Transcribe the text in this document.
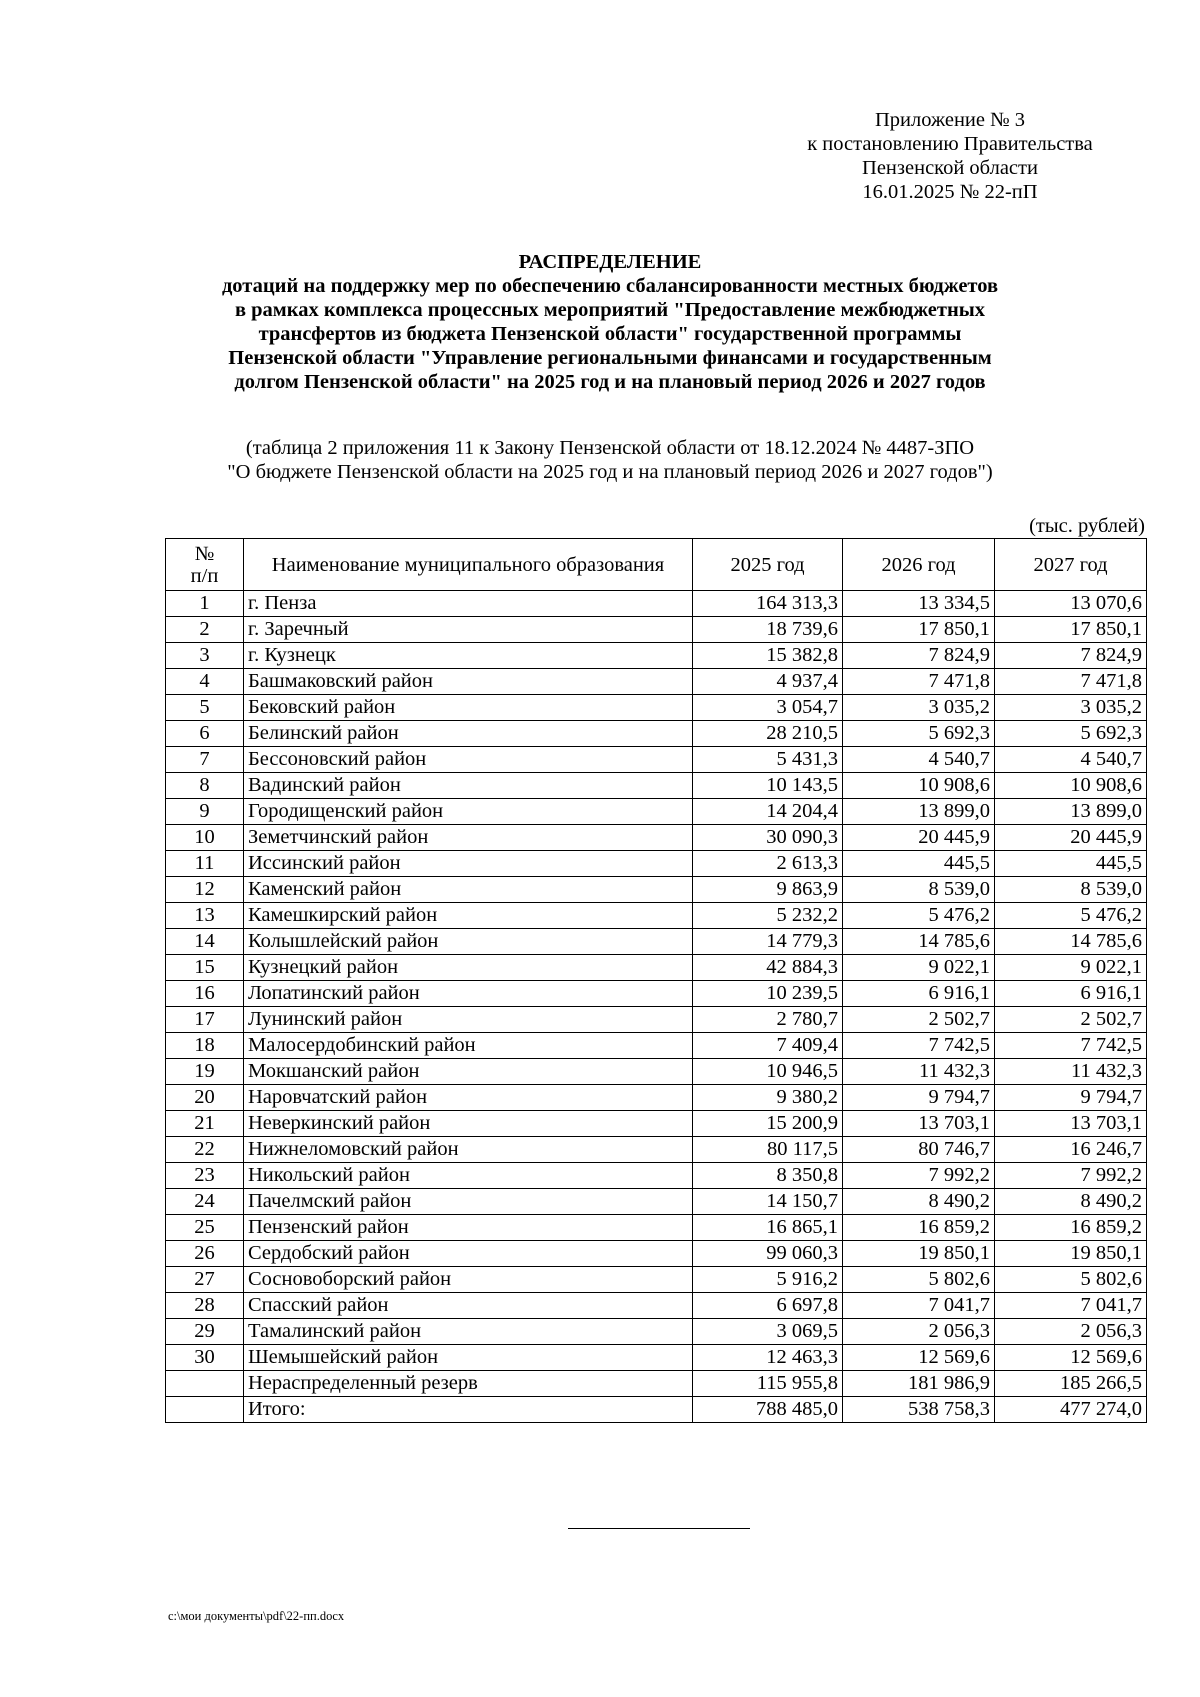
Приложение № 3
к постановлению Правительства
Пензенской области
16.01.2025 № 22-пП
РАСПРЕДЕЛЕНИЕ
дотаций на поддержку мер по обеспечению сбалансированности местных бюджетов
в рамках комплекса процессных мероприятий "Предоставление межбюджетных
трансфертов из бюджета Пензенской области" государственной программы
Пензенской области "Управление региональными финансами и государственным
долгом Пензенской области" на 2025 год и на плановый период 2026 и 2027 годов
(таблица 2 приложения 11 к Закону Пензенской области от 18.12.2024 № 4487-ЗПО
"О бюджете Пензенской области на 2025 год и на плановый период 2026 и 2027 годов")
(тыс. рублей)
№
п/п	Наименование муниципального образования	2025 год	2026 год	2027 год
1	г. Пенза	164 313,3	13 334,5	13 070,6
2	г. Заречный	18 739,6	17 850,1	17 850,1
3	г. Кузнецк	15 382,8	7 824,9	7 824,9
4	Башмаковский район	4 937,4	7 471,8	7 471,8
5	Бековский район	3 054,7	3 035,2	3 035,2
6	Белинский район	28 210,5	5 692,3	5 692,3
7	Бессоновский район	5 431,3	4 540,7	4 540,7
8	Вадинский район	10 143,5	10 908,6	10 908,6
9	Городищенский район	14 204,4	13 899,0	13 899,0
10	Земетчинский район	30 090,3	20 445,9	20 445,9
11	Иссинский район	2 613,3	445,5	445,5
12	Каменский район	9 863,9	8 539,0	8 539,0
13	Камешкирский район	5 232,2	5 476,2	5 476,2
14	Колышлейский район	14 779,3	14 785,6	14 785,6
15	Кузнецкий район	42 884,3	9 022,1	9 022,1
16	Лопатинский район	10 239,5	6 916,1	6 916,1
17	Лунинский район	2 780,7	2 502,7	2 502,7
18	Малосердобинский район	7 409,4	7 742,5	7 742,5
19	Мокшанский район	10 946,5	11 432,3	11 432,3
20	Наровчатский район	9 380,2	9 794,7	9 794,7
21	Неверкинский район	15 200,9	13 703,1	13 703,1
22	Нижнеломовский район	80 117,5	80 746,7	16 246,7
23	Никольский район	8 350,8	7 992,2	7 992,2
24	Пачелмский район	14 150,7	8 490,2	8 490,2
25	Пензенский район	16 865,1	16 859,2	16 859,2
26	Сердобский район	99 060,3	19 850,1	19 850,1
27	Сосновоборский район	5 916,2	5 802,6	5 802,6
28	Спасский район	6 697,8	7 041,7	7 041,7
29	Тамалинский район	3 069,5	2 056,3	2 056,3
30	Шемышейский район	12 463,3	12 569,6	12 569,6
	Нераспределенный резерв	115 955,8	181 986,9	185 266,5
	Итого:	788 485,0	538 758,3	477 274,0
c:\мои документы\pdf\22-пп.docx
